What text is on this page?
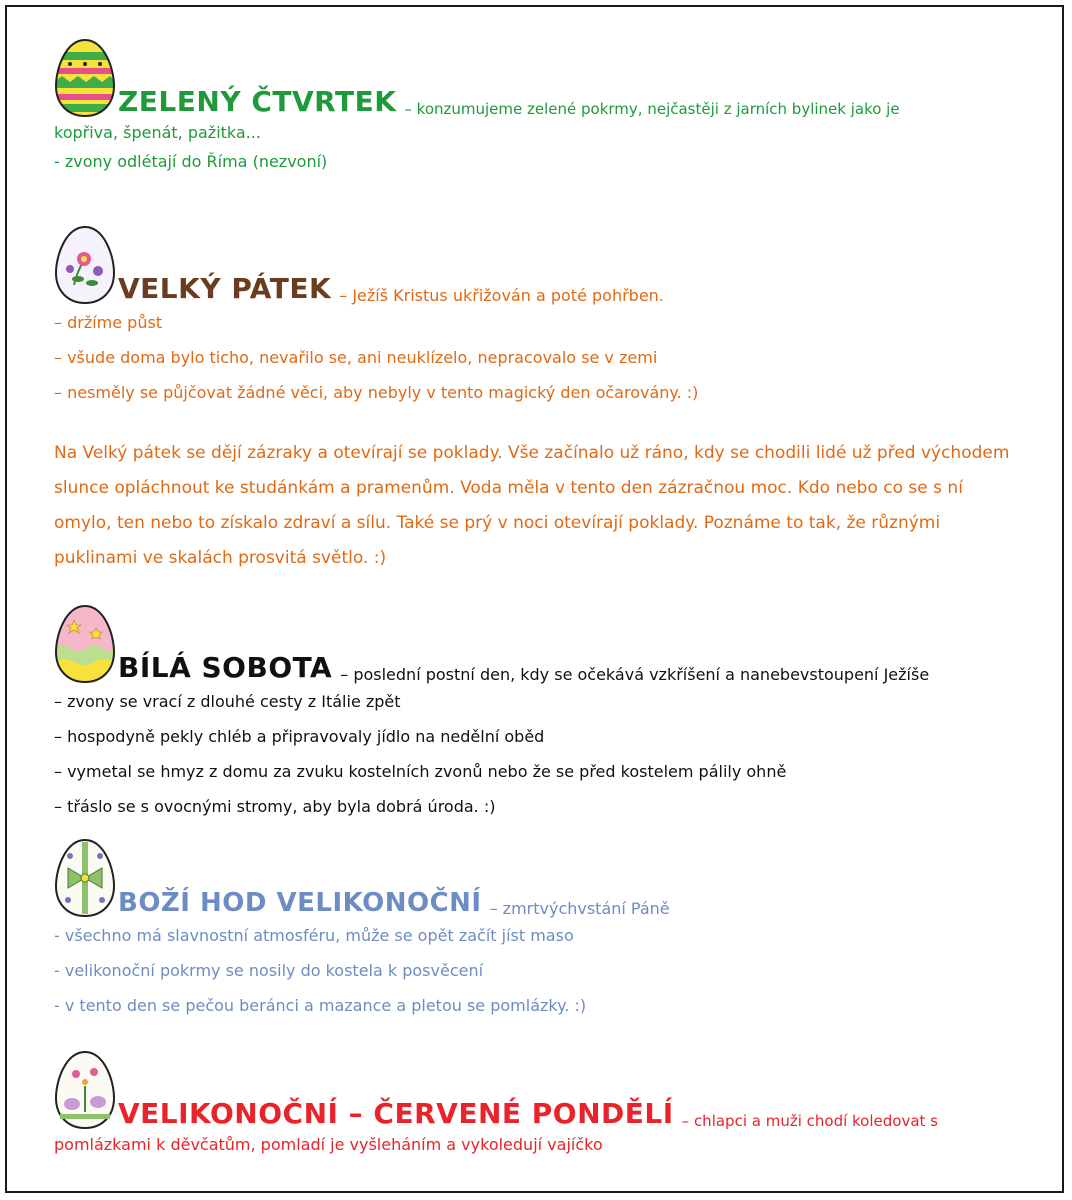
ZELENÝ ČTVRTEK – konzumujeme zelené pokrmy, nejčastěji z jarních bylinek jako je
kopřiva, špenát, pažitka...
- zvony odlétají do Říma (nezvoní)
VELKÝ PÁTEK – Ježíš Kristus ukřižován a poté pohřben.
– držíme půst
– všude doma bylo ticho, nevařilo se, ani neuklízelo, nepracovalo se v zemi
– nesměly se půjčovat žádné věci, aby nebyly v tento magický den očarovány. :)
Na Velký pátek se dějí zázraky a otevírají se poklady. Vše začínalo už ráno, kdy se chodili lidé už před východem slunce opláchnout ke studánkám a pramenům. Voda měla v tento den zázračnou moc. Kdo nebo co se s ní omylo, ten nebo to získalo zdraví a sílu. Také se prý v noci otevírají poklady. Poznáme to tak, že různými puklinami ve skalách prosvitá světlo. :)
BÍLÁ SOBOTA – poslední postní den, kdy se očekává vzkříšení a nanebevstoupení Ježíše
– zvony se vrací z dlouhé cesty z Itálie zpět
– hospodyně pekly chléb a připravovaly jídlo na nedělní oběd
– vymetal se hmyz z domu za zvuku kostelních zvonů nebo že se před kostelem pálily ohně
– třáslo se s ovocnými stromy, aby byla dobrá úroda. :)
BOŽÍ HOD VELIKONOČNÍ – zmrtvýchvstání Páně
- všechno má slavnostní atmosféru, může se opět začít jíst maso
- velikonoční pokrmy se nosily do kostela k posvěcení
- v tento den se pečou beránci a mazance a pletou se pomlázky. :)
VELIKONOČNÍ – ČERVENÉ PONDĚLÍ – chlapci a muži chodí koledovat s
pomlázkami k děvčatům, pomladí je vyšleháním a vykoledují vajíčko
